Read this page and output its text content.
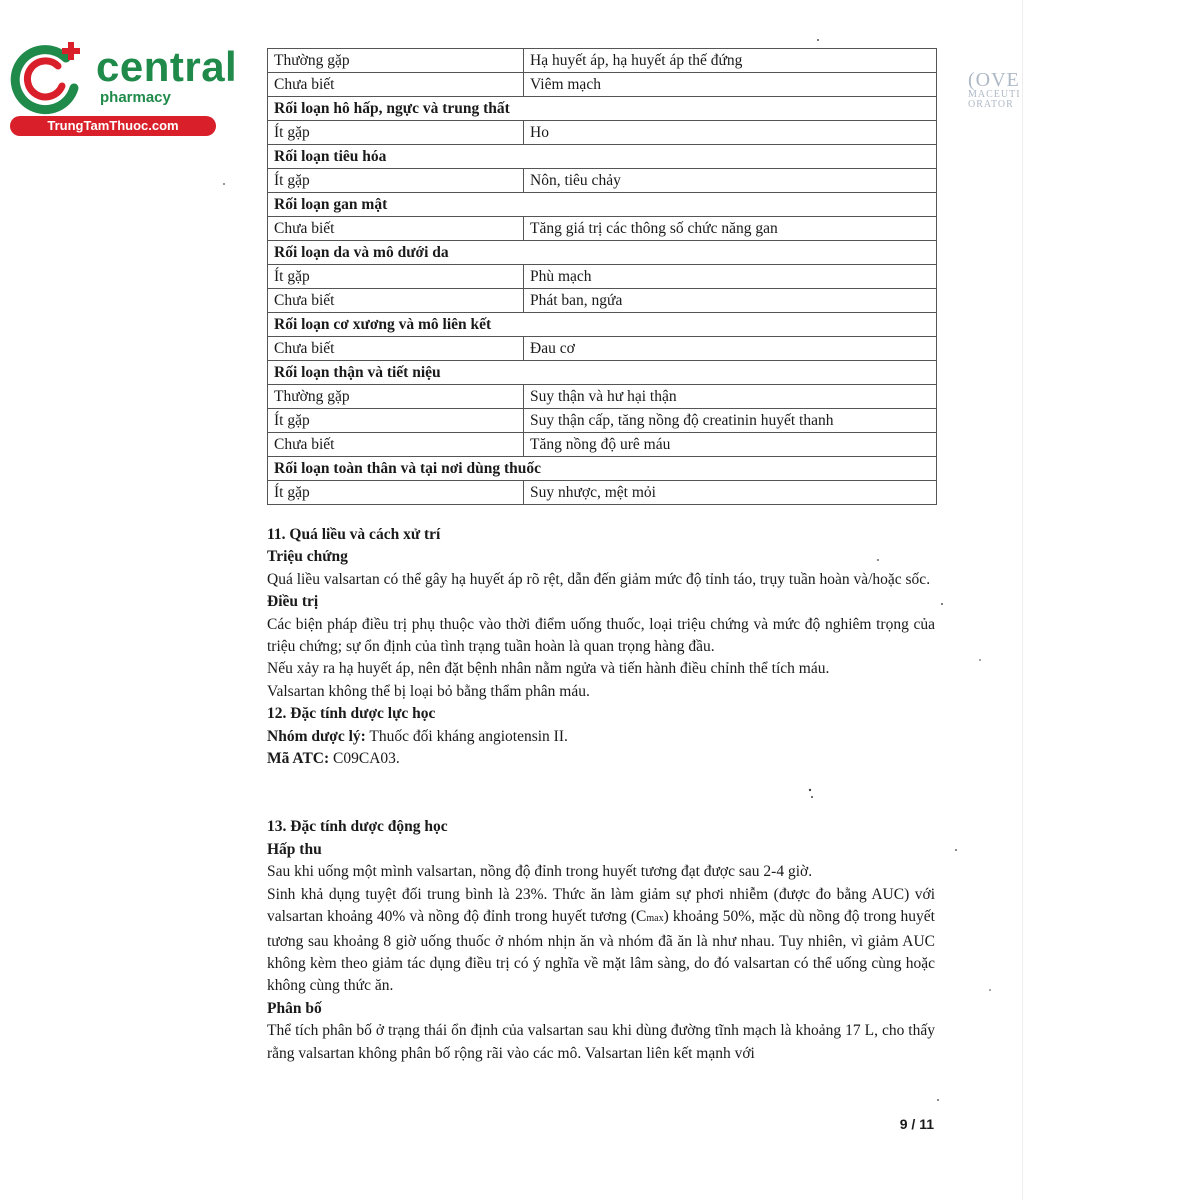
central
pharmacy
TrungTamThuoc.com
(OVE
MACEUTI
ORATOR
Thường gặp	Hạ huyết áp, hạ huyết áp thế đứng
Chưa biết	Viêm mạch
Rối loạn hô hấp, ngực và trung thất	
Ít gặp	Ho
Rối loạn tiêu hóa	
Ít gặp	Nôn, tiêu chảy
Rối loạn gan mật	
Chưa biết	Tăng giá trị các thông số chức năng gan
Rối loạn da và mô dưới da	
Ít gặp	Phù mạch
Chưa biết	Phát ban, ngứa
Rối loạn cơ xương và mô liên kết	
Chưa biết	Đau cơ
Rối loạn thận và tiết niệu	
Thường gặp	Suy thận và hư hại thận
Ít gặp	Suy thận cấp, tăng nồng độ creatinin huyết thanh
Chưa biết	Tăng nồng độ urê máu
Rối loạn toàn thân và tại nơi dùng thuốc	
Ít gặp	Suy nhược, mệt mỏi

11. Quá liều và cách xử trí

Triệu chứng

Quá liều valsartan có thể gây hạ huyết áp rõ rệt, dẫn đến giảm mức độ tỉnh táo, trụy tuần hoàn và/hoặc sốc.

Điều trị

Các biện pháp điều trị phụ thuộc vào thời điểm uống thuốc, loại triệu chứng và mức độ nghiêm trọng của triệu chứng; sự ổn định của tình trạng tuần hoàn là quan trọng hàng đầu.

Nếu xảy ra hạ huyết áp, nên đặt bệnh nhân nằm ngửa và tiến hành điều chỉnh thể tích máu.

Valsartan không thể bị loại bỏ bằng thẩm phân máu.

12. Đặc tính dược lực học

Nhóm dược lý: Thuốc đối kháng angiotensin II.

Mã ATC: C09CA03.

13. Đặc tính dược động học

Hấp thu

Sau khi uống một mình valsartan, nồng độ đỉnh trong huyết tương đạt được sau 2-4 giờ.

Sinh khả dụng tuyệt đối trung bình là 23%. Thức ăn làm giảm sự phơi nhiễm (được đo bằng AUC) với valsartan khoảng 40% và nồng độ đỉnh trong huyết tương (Cmax) khoảng 50%, mặc dù nồng độ trong huyết tương sau khoảng 8 giờ uống thuốc ở nhóm nhịn ăn và nhóm đã ăn là như nhau. Tuy nhiên, vì giảm AUC không kèm theo giảm tác dụng điều trị có ý nghĩa về mặt lâm sàng, do đó valsartan có thể uống cùng hoặc không cùng thức ăn.

Phân bố

Thể tích phân bố ở trạng thái ổn định của valsartan sau khi dùng đường tĩnh mạch là khoảng 17 L, cho thấy rằng valsartan không phân bố rộng rãi vào các mô. Valsartan liên kết mạnh với

9 / 11
